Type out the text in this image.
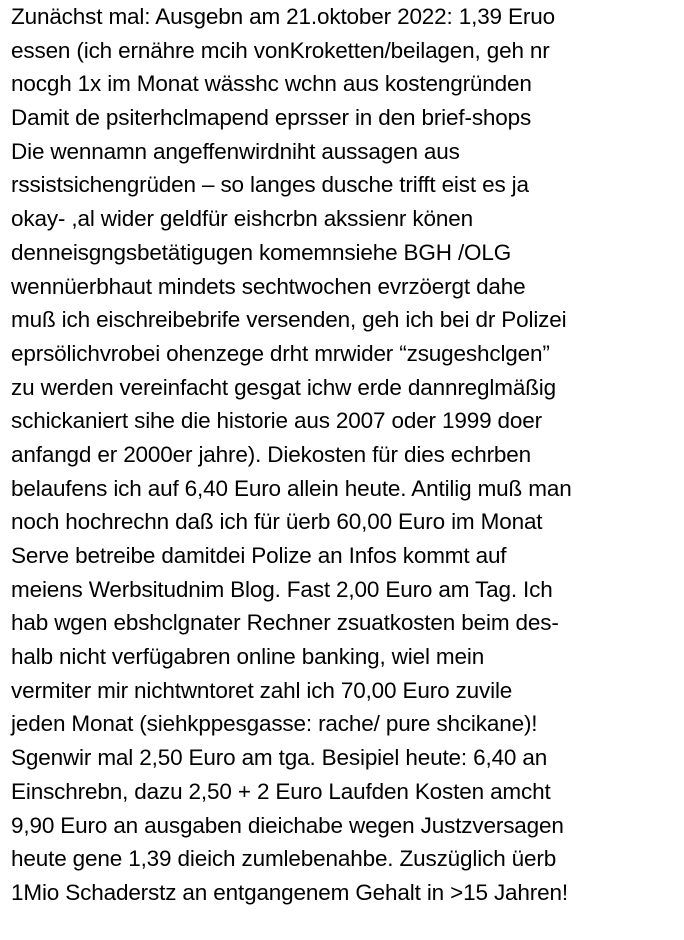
Zunächst mal: Ausgebn am 21.oktober 2022: 1,39 Eruo
essen (ich ernähre mcih vonKroketten/beilagen, geh nr
nocgh 1x im Monat wässhc wchn aus kostengründen
Damit de psiterhclmapend eprsser in den brief-shops
Die wennamn angeffenwirdniht aussagen aus
rssistsichengrüden – so langes dusche trifft eist es ja
okay- ,al wider geldfür eishcrbn akssienr könen
denneisgngsbetätigugen komemnsiehe BGH /OLG
wennüerbhaut mindets sechtwochen evrzöergt dahe
muß ich eischreibebrife versenden, geh ich bei dr Polizei
eprsölichvrobei ohenzege drht mrwider “zsugeshclgen”
zu werden vereinfacht gesgat ichw erde dannreglmäßig
schickaniert sihe die historie aus 2007 oder 1999 doer
anfangd er 2000er jahre). Diekosten für dies echrben
belaufens ich auf 6,40 Euro allein heute. Antilig muß man
noch hochrechn daß ich für üerb 60,00 Euro im Monat
Serve betreibe damitdei Polize an Infos kommt auf
meiens Werbsitudnim Blog. Fast 2,00 Euro am Tag. Ich
hab wgen ebshclgnater Rechner zsuatkosten beim des-
halb nicht verfügabren online banking, wiel mein
vermiter mir nichtwntoret zahl ich 70,00 Euro zuvile
jeden Monat (siehkppesgasse: rache/ pure shcikane)!
Sgenwir mal 2,50 Euro am tga. Besipiel heute: 6,40 an
Einschrebn, dazu 2,50 + 2 Euro Laufden Kosten amcht
9,90 Euro an ausgaben dieichabe wegen Justzversagen
heute gene 1,39 dieich zumlebenahbe. Zuszüglich üerb
1Mio Schaderstz an entgangenem Gehalt in >15 Jahren!
